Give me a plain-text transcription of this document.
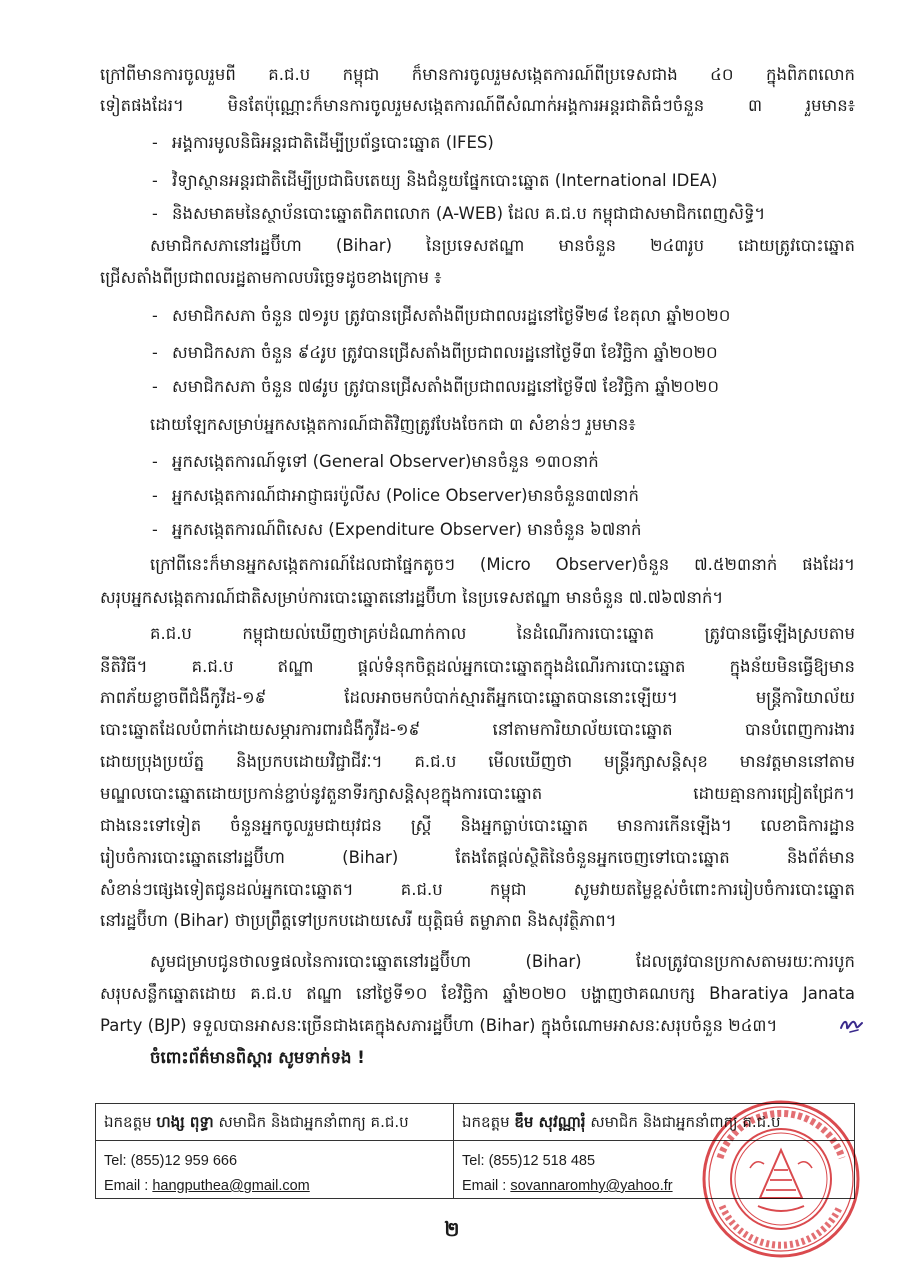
ក្រៅពីមានការចូលរួមពី គ.ជ.ប កម្ពុជា ក៏មានការចូលរួមសង្កេតការណ៍ពីប្រទេសជាង ៤០ ក្នុងពិភពលោក
ទៀតផងដែរ។ មិនតែប៉ុណ្ណោះក៏មានការចូលរួមសង្កេតការណ៍ពីសំណាក់អង្គការអន្តរជាតិធំៗចំនួន ៣ រួមមាន៖
- អង្គការមូលនិធិអន្តរជាតិដើម្បីប្រព័ន្ធបោះឆ្នោត (IFES)
- វិទ្យាស្ថានអន្តរជាតិដើម្បីប្រជាធិបតេយ្យ និងជំនួយផ្នែកបោះឆ្នោត (International IDEA)
- និងសមាគមនៃស្ថាប័នបោះឆ្នោតពិភពលោក (A-WEB) ដែល គ.ជ.ប កម្ពុជាជាសមាជិកពេញសិទ្ធិ។
សមាជិកសភានៅរដ្ឋប៊ីហា (Bihar) នៃប្រទេសឥណ្ឌា មានចំនួន ២៤៣រូប ដោយត្រូវបោះឆ្នោត
ជ្រើសតាំងពីប្រជាពលរដ្ឋតាមកាលបរិច្ឆេទដូចខាងក្រោម ៖
- សមាជិកសភា ចំនួន ៧១រូប ត្រូវបានជ្រើសតាំងពីប្រជាពលរដ្ឋនៅថ្ងៃទី២៨ ខែតុលា ឆ្នាំ២០២០
- សមាជិកសភា ចំនួន ៩៤រូប ត្រូវបានជ្រើសតាំងពីប្រជាពលរដ្ឋនៅថ្ងៃទី៣ ខែវិច្ឆិកា ឆ្នាំ២០២០
- សមាជិកសភា ចំនួន ៧៨រូប ត្រូវបានជ្រើសតាំងពីប្រជាពលរដ្ឋនៅថ្ងៃទី៧ ខែវិច្ឆិកា ឆ្នាំ២០២០
ដោយឡែកសម្រាប់អ្នកសង្កេតការណ៍ជាតិវិញត្រូវបែងចែកជា ៣ សំខាន់ៗ រួមមាន៖
- អ្នកសង្កេតការណ៍ទូទៅ (General Observer)មានចំនួន ១៣០នាក់
- អ្នកសង្កេតការណ៍ជាអាជ្ញាធរប៉ូលីស (Police Observer)មានចំនួន៣៧នាក់
- អ្នកសង្កេតការណ៍ពិសេស (Expenditure Observer) មានចំនួន ៦៧នាក់
ក្រៅពីនេះក៏មានអ្នកសង្កេតការណ៍ដែលជាផ្នែកតូចៗ (Micro Observer)ចំនួន ៧.៥២៣នាក់ ផងដែរ។
សរុបអ្នកសង្កេតការណ៍ជាតិសម្រាប់ការបោះឆ្នោតនៅរដ្ឋប៊ីហា នៃប្រទេសឥណ្ឌា មានចំនួន ៧.៧៦៧នាក់។
គ.ជ.ប កម្ពុជាយល់ឃើញថាគ្រប់ដំណាក់កាល នៃដំណើរការបោះឆ្នោត ត្រូវបានធ្វើឡើងស្របតាម
នីតិវិធី។ គ.ជ.ប ឥណ្ឌា ផ្តល់ទំនុកចិត្តដល់អ្នកបោះឆ្នោតក្នុងដំណើរការបោះឆ្នោត ក្នុងន័យមិនធ្វើឱ្យមាន
ភាពភ័យខ្លាចពីជំងឺកូវីដ-១៩ ដែលអាចមកបំបាក់ស្មារតីអ្នកបោះឆ្នោតបាននោះឡើយ។ មន្ត្រីការិយាល័យ
បោះឆ្នោតដែលបំពាក់ដោយសម្ភារការពារជំងឺកូវីដ-១៩ នៅតាមការិយាល័យបោះឆ្នោត បានបំពេញការងារ
ដោយប្រុងប្រយ័ត្ន និងប្រកបដោយវិជ្ជាជីវៈ។ គ.ជ.ប មើលឃើញថា មន្ត្រីរក្សាសន្តិសុខ មានវត្តមាននៅតាម
មណ្ឌលបោះឆ្នោតដោយប្រកាន់ខ្ជាប់នូវតួនាទីរក្សាសន្តិសុខក្នុងការបោះឆ្នោត ដោយគ្មានការជ្រៀតជ្រែក។
ជាងនេះទៅទៀត ចំនួនអ្នកចូលរួមជាយុវជន ស្ត្រី និងអ្នកធ្លាប់បោះឆ្នោត មានការកើនឡើង។ លេខាធិការដ្ឋាន
រៀបចំការបោះឆ្នោតនៅរដ្ឋប៊ីហា (Bihar) តែងតែផ្តល់ស្ថិតិនៃចំនួនអ្នកចេញទៅបោះឆ្នោត និងព័ត៌មាន
សំខាន់ៗផ្សេងទៀតជូនដល់អ្នកបោះឆ្នោត។ គ.ជ.ប កម្ពុជា សូមវាយតម្លៃខ្ពស់ចំពោះការរៀបចំការបោះឆ្នោត
នៅរដ្ឋប៊ីហា (Bihar) ថាប្រព្រឹត្តទៅប្រកបដោយសេរី យុត្តិធម៌ តម្លាភាព និងសុវត្ថិភាព។
សូមជម្រាបជូនថាលទ្ធផលនៃការបោះឆ្នោតនៅរដ្ឋប៊ីហា (Bihar) ដែលត្រូវបានប្រកាសតាមរយៈការបូក
សរុបសន្លឹកឆ្នោតដោយ គ.ជ.ប ឥណ្ឌា នៅថ្ងៃទី១០ ខែវិច្ឆិកា ឆ្នាំ២០២០ បង្ហាញថាគណបក្ស Bharatiya Janata
Party (BJP) ទទួលបានអាសនៈច្រើនជាងគេក្នុងសភារដ្ឋប៊ីហា (Bihar) ក្នុងចំណោមអាសនៈសរុបចំនួន ២៤៣។
ចំពោះព័ត៌មានពិស្តារ សូមទាក់ទង !
ឯកឧត្តម ហង្ស ពុទ្ធា សមាជិក និងជាអ្នកនាំពាក្យ គ.ជ.ប
Tel: (855)12 959 666
Email : hangputhea@gmail.com
ឯកឧត្តម ឌឹម សុវណ្ណារុំ សមាជិក និងជាអ្នកនាំពាក្យ គ.ជ.ប
Tel: (855)12 518 485
Email : sovannaromhy@yahoo.fr
២
